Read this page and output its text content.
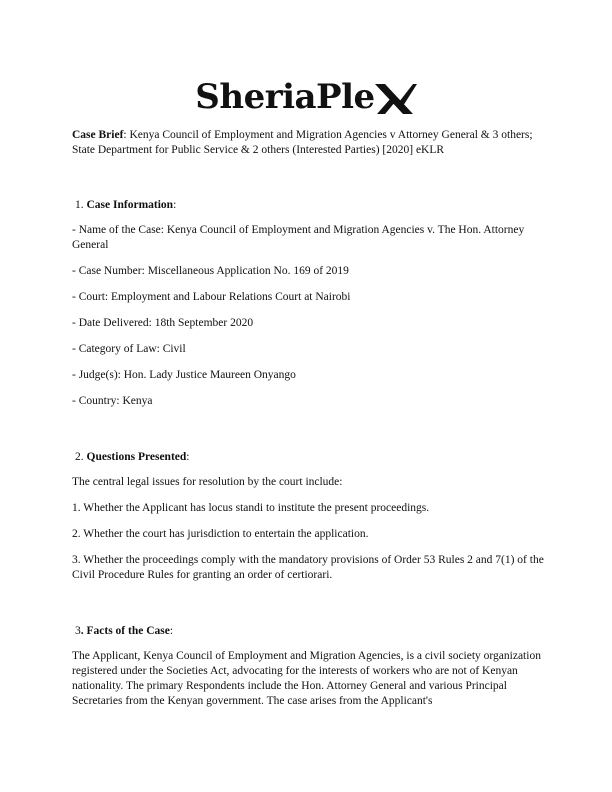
SheriaPle

Case Brief: Kenya Council of Employment and Migration Agencies v Attorney General & 3 others; State Department for Public Service & 2 others (Interested Parties) [2020] eKLR

1. Case Information:

- Name of the Case: Kenya Council of Employment and Migration Agencies v. The Hon. Attorney General

- Case Number: Miscellaneous Application No. 169 of 2019

- Court: Employment and Labour Relations Court at Nairobi

- Date Delivered: 18th September 2020

- Category of Law: Civil

- Judge(s): Hon. Lady Justice Maureen Onyango

- Country: Kenya

2. Questions Presented:

The central legal issues for resolution by the court include:

1. Whether the Applicant has locus standi to institute the present proceedings.

2. Whether the court has jurisdiction to entertain the application.

3. Whether the proceedings comply with the mandatory provisions of Order 53 Rules 2 and 7(1) of the Civil Procedure Rules for granting an order of certiorari.

3. Facts of the Case:

The Applicant, Kenya Council of Employment and Migration Agencies, is a civil society organization registered under the Societies Act, advocating for the interests of workers who are not of Kenyan nationality. The primary Respondents include the Hon. Attorney General and various Principal Secretaries from the Kenyan government. The case arises from the Applicant's
